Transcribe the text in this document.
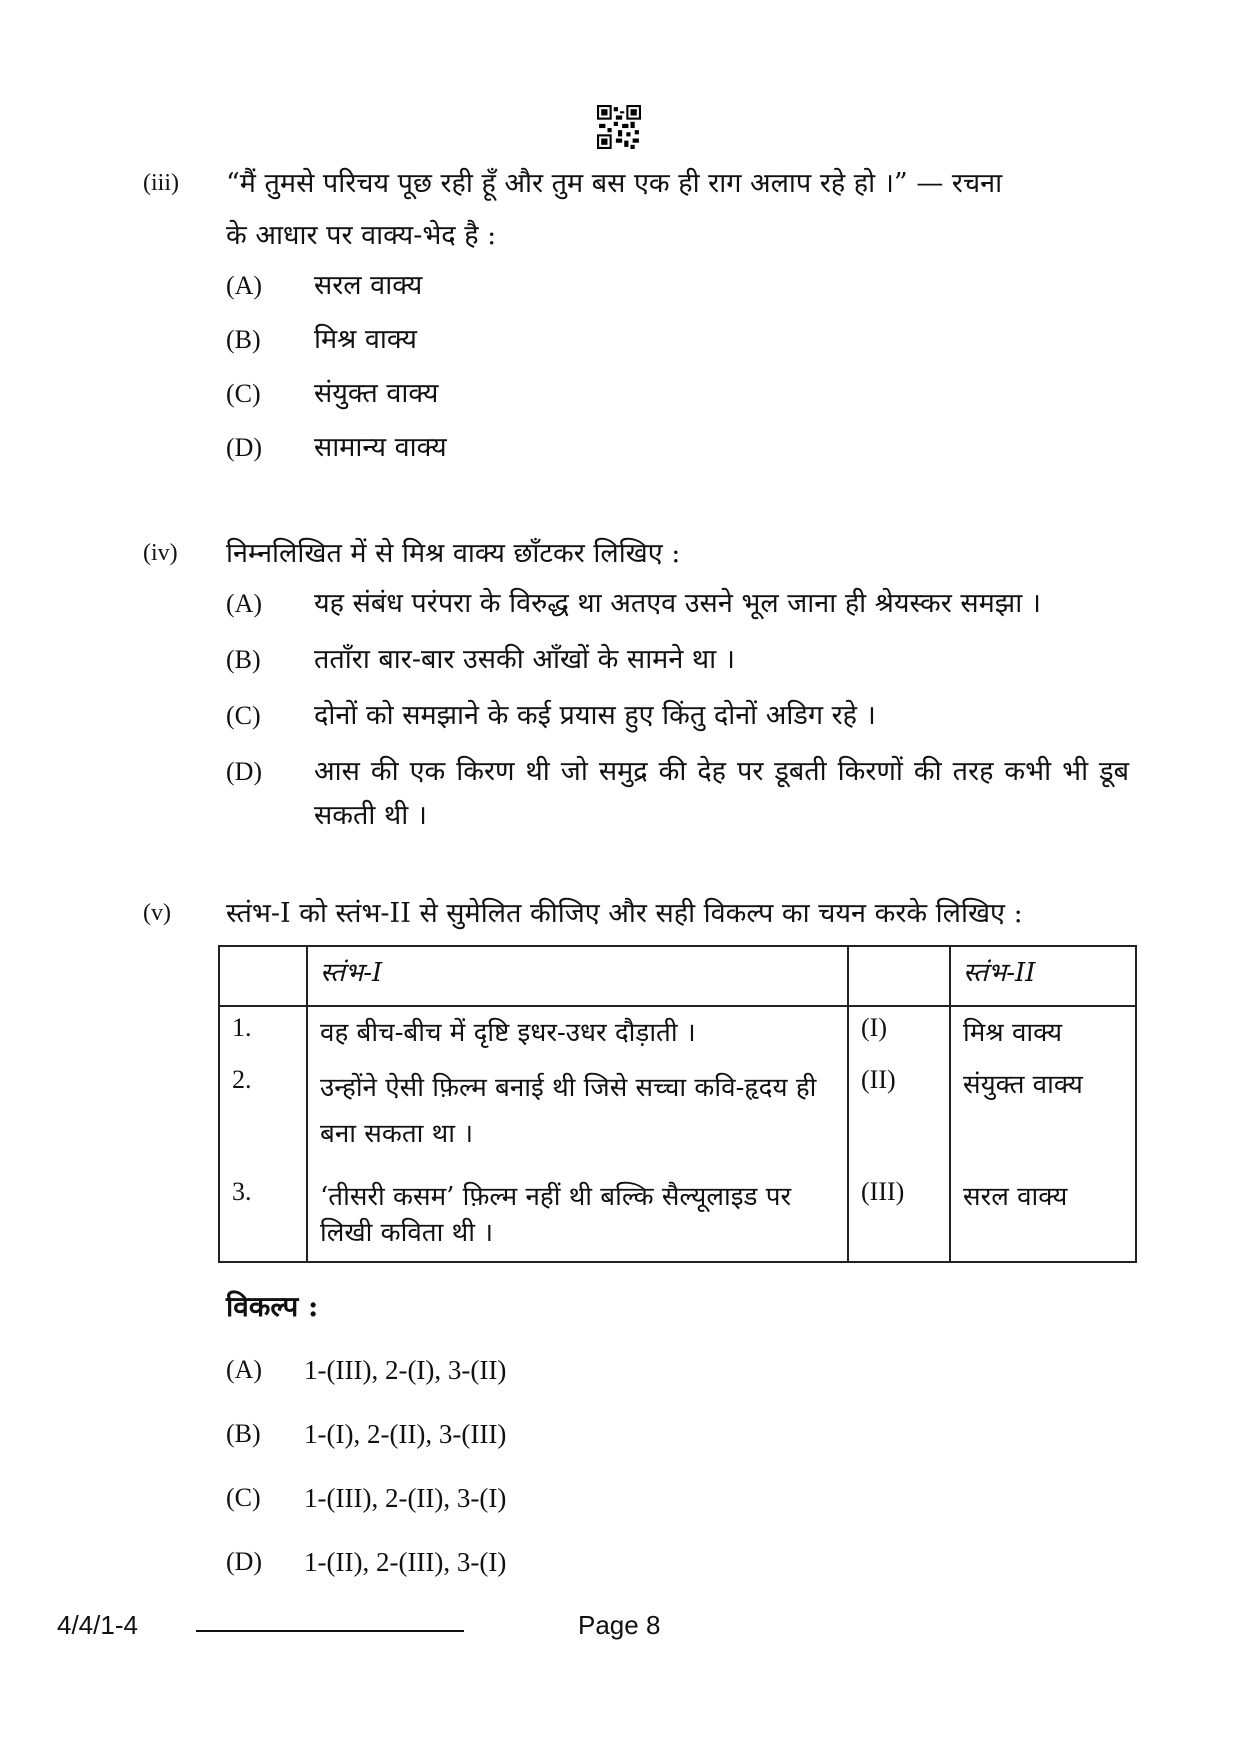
(iii) “मैं तुमसे परिचय पूछ रही हूँ और तुम बस एक ही राग अलाप रहे हो ।” — रचना
के आधार पर वाक्य-भेद है :
(A) सरल वाक्य
(B) मिश्र वाक्य
(C) संयुक्त वाक्य
(D) सामान्य वाक्य
(iv) निम्नलिखित में से मिश्र वाक्य छाँटकर लिखिए :
(A) यह संबंध परंपरा के विरुद्ध था अतएव उसने भूल जाना ही श्रेयस्कर समझा ।
(B) तताँरा बार-बार उसकी आँखों के सामने था ।
(C) दोनों को समझाने के कई प्रयास हुए किंतु दोनों अडिग रहे ।
(D) आस की एक किरण थी जो समुद्र की देह पर डूबती किरणों की तरह कभी भी डूब सकती थी ।
(v) स्तंभ-I को स्तंभ-II से सुमेलित कीजिए और सही विकल्प का चयन करके लिखिए :
	स्तंभ-I		स्तंभ-II
1.	वह बीच-बीच में दृष्टि इधर-उधर दौड़ाती ।	(I)	मिश्र वाक्य
2.	उन्होंने ऐसी फ़िल्म बनाई थी जिसे सच्चा कवि-हृदय ही बना सकता था ।	(II)	संयुक्त वाक्य
3.	‘तीसरी कसम’ फ़िल्म नहीं थी बल्कि सैल्यूलाइड पर लिखी कविता थी ।	(III)	सरल वाक्य
विकल्प :
(A) 1-(III), 2-(I), 3-(II)
(B) 1-(I), 2-(II), 3-(III)
(C) 1-(III), 2-(II), 3-(I)
(D) 1-(II), 2-(III), 3-(I)
4/4/1-4	Page 8
